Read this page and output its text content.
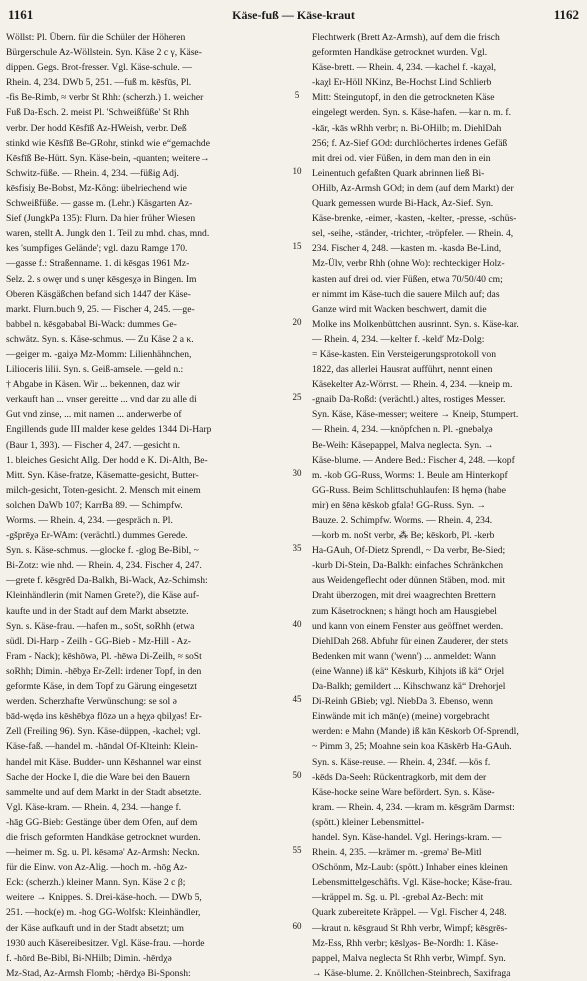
1161	Käse-fuß — Käse-kraut	1162
Wöllst: Pl. Übern. für die Schüler der Höheren
Bürgerschule Az-Wöllstein. Syn. Käse 2 c γ, Käse-
dippen. Gegs. Brot-fresser. Vgl. Käse-schule. —
Rhein. 4, 234. DWb 5, 251. —fuß m. kēsfūs, Pl.
-fis Be-Rimb, ≈ verbr St Rhh: (scherzh.) 1. weicher
Fuß Da-Esch. 2. meist Pl. 'Schweißfüße' St Rhh
verbr. Der hodd Kēsfīß Az-HWeish, verbr. Deß
stinkd wie Kēsfīß Be-GRohr, stinkd wie e“gemachde
Kēsfīß Be-Hütt. Syn. Käse-bein, -quanten; weitere→
Schwitz-füße. — Rhein. 4, 234. —füßig Adj.
kēsfisiχ Be-Bobst, Mz-Köng: übelriechend wie
Schweißfüße. — gasse m. (Lehr.) Käsgarten Az-
Sief (JungkPa 135): Flurn. Da hier früher Wiesen
waren, stellt A. Jungk den 1. Teil zu mhd. chas, mnd.
kes 'sumpfiges Gelände'; vgl. dazu Ramge 170.
—gasse f.: Straßenname. 1. di kēsgas 1961 Mz-
Selz. 2. s owęr und s unęr kēsgesχə in Bingen. Im
Oberen Käsgäßchen befand sich 1447 der Käse-
markt. Flurn.buch 9, 25. — Fischer 4, 245. —ge-
babbel n. kēsgəbabəl Bi-Wack: dummes Ge-
schwätz. Syn. s. Käse-schmus. — Zu Käse 2 a κ.
—geiger m. -gaiχə Mz-Momm: Lilienhähnchen,
Lilioceris lilii. Syn. s. Geiß-amsele. —geld n.:
† Abgabe in Käsen. Wir ... bekennen, daz wir
verkauft han ... vnser gereitte ... vnd dar zu alle di
Gut vnd zinse, ... mit namen ... anderwerbe of
Engillends gude III malder kese geldes 1344 Di-Harp
(Baur 1, 393). — Fischer 4, 247. —gesicht n.
1. bleiches Gesicht Allg. Der hodd e K. Di-Alth, Be-
Mitt. Syn. Käse-fratze, Käsematte-gesicht, Butter-
milch-gesicht, Toten-gesicht. 2. Mensch mit einem
solchen DaWb 107; KarrBa 89. — Schimpfw.
Worms. — Rhein. 4, 234. —gespräch n. Pl.
-gšprēχə Er-WAm: (verächtl.) dummes Gerede.
Syn. s. Käse-schmus. —glocke f. -glog Be-Bibl, ~
Bi-Zotz: wie nhd. — Rhein. 4, 234. Fischer 4, 247.
—grete f. kēsgrēd Da-Balkh, Bi-Wack, Az-Schimsh:
Kleinhändlerin (mit Namen Grete?), die Käse auf-
kaufte und in der Stadt auf dem Markt absetzte.
Syn. s. Käse-frau. —hafen m., soSt, soRhh (etwa
südl. Di-Harp - Zeilh - GG-Bieb - Mz-Hill - Az-
Fram - Nack); kēshōwə, Pl. -hēwə Di-Zeilh, ≈ soSt
soRhh; Dimin. -hēbχə Er-Zell: irdener Topf, in den
geformte Käse, in dem Topf zu Gärung eingesetzt
werden. Scherzhafte Verwünschung: se sol ə
bād-wędə ins kēshēbχə flōzə un ə hęχə qbilχəs! Er-
Zell (Freiling 96). Syn. Käse-düppen, -kachel; vgl.
Käse-faß. —handel m. -hāndəl Of-Klteinh: Klein-
handel mit Käse. Budder- unn Kēshannel war einst
Sache der Hocke I, die die Ware bei den Bauern
sammelte und auf dem Markt in der Stadt absetzte.
Vgl. Käse-kram. — Rhein. 4, 234. —hange f.
-hāg GG-Bieb: Gestänge über dem Ofen, auf dem
die frisch geformten Handkäse getrocknet wurden.
—heimer m. Sg. u. Pl. kēsəmə' Az-Armsh: Neckn.
für die Einw. von Az-Alig. —hoch m. -hōg Az-
Eck: (scherzh.) kleiner Mann. Syn. Käse 2 c β;
weitere → Knippes. S. Drei-käse-hoch. — DWb 5,
251. —hock(e) m. -hog GG-Wolfsk: Kleinhändler,
der Käse aufkauft und in der Stadt absetzt; um
1930 auch Käsereibesitzer. Vgl. Käse-frau. —horde
f. -hōrd Be-Bibl, Bi-NHilb; Dimin. -hērdχə
Mz-Stad, Az-Armsh Flomb; -hērdχə Bi-Sponsh:
5
10
15
20
25
30
35
40
45
50
55
60
Flechtwerk (Brett Az-Armsh), auf dem die frisch
geformten Handkäse getrocknet wurden. Vgl.
Käse-brett. — Rhein. 4, 234. —kachel f. -kaχəl,
-kaχl Er-Höll NKinz, Be-Hochst Lind Schlierb
Mitt: Steingutopf, in den die getrockneten Käse
eingelegt werden. Syn. s. Käse-hafen. —kar n. m. f.
-kār, -kās wRhh verbr; n. Bi-OHilb; m. DiehlDah
256; f. Az-Sief GOd: durchlöchertes irdenes Gefäß
mit drei od. vier Füßen, in dem man den in ein
Leinentuch gefaßten Quark abrinnen ließ Bi-
OHilb, Az-Armsh GOd; in dem (auf dem Markt) der
Quark gemessen wurde Bi-Hack, Az-Sief. Syn.
Käse-brenke, -eimer, -kasten, -kelter, -presse, -schüs-
sel, -seihe, -ständer, -trichter, -tröpfeler. — Rhein. 4,
234. Fischer 4, 248. —kasten m. -kasdə Be-Lind,
Mz-Ülv, verbr Rhh (ohne Wo): rechteckiger Holz-
kasten auf drei od. vier Füßen, etwa 70/50/40 cm;
er nimmt im Käse-tuch die sauere Milch auf; das
Ganze wird mit Wacken beschwert, damit die
Molke ins Molkenbüttchen ausrinnt. Syn. s. Käse-kar.
— Rhein. 4, 234. —kelter f. -keld′ Mz-Dolg:
= Käse-kasten. Ein Versteigerungsprotokoll von
1822, das allerlei Hausrat aufführt, nennt einen
Käsekelter Az-Wörrst. — Rhein. 4, 234. —kneip m.
-gnaib Da-Roßd: (verächtl.) altes, rostiges Messer.
Syn. Käse, Käse-messer; weitere → Kneip, Stumpert.
— Rhein. 4, 234. —knöpfchen n. Pl. -gnebəlχə
Be-Weih: Käsepappel, Malva neglecta. Syn. →
Käse-blume. — Andere Bed.: Fischer 4, 248. —kopf
m. -kob GG-Russ, Worms: 1. Beule am Hinterkopf
GG-Russ. Beim Schlittschuhlaufen: Iš hęmə (habe
mir) en šēnə kēskob gfalə! GG-Russ. Syn. →
Bauze. 2. Schimpfw. Worms. — Rhein. 4, 234.
—korb m. noSt verbr, ⁂ Be; kēskorb, Pl. -kerb
Ha-GAuh, Of-Dietz Sprendl, ~ Da verbr, Be-Sied;
-kurb Di-Stein, Da-Balkh: einfaches Schränkchen
aus Weidengeflecht oder dünnen Stäben, mod. mit
Draht überzogen, mit drei waagrechten Brettern
zum Käsetrocknen; s hängt hoch am Hausgiebel
und kann von einem Fenster aus geöffnet werden.
DiehlDah 268. Abfuhr für einen Zauderer, der stets
Bedenken mit wann ('wenn') ... anmeldet: Wann
(eine Wanne) iß kä“ Kēskurb, Kihjots iß kä“ Orjel
Da-Balkh; gemildert ... Kihschwanz kä“ Drehorjel
Di-Reinh GBieb; vgl. NiebDa 3. Ebenso, wenn
Einwände mit ich mān(e) (meine) vorgebracht
werden: e Mahn (Mande) iß kān Kēskorb Of-Sprendl,
~ Pimm 3, 25; Moahne sein koa Kāskērb Ha-GAuh.
Syn. s. Käse-reuse. — Rhein. 4, 234f. —kös f.
-kēds Da-Seeh: Rückentragkorb, mit dem der
Käse-hocke seine Ware befördert. Syn. s. Käse-
kram. — Rhein. 4, 234. —kram m. kēsgrām Darmst:
(spött.) kleiner Lebensmittel-
handel. Syn. Käse-handel. Vgl. Herings-kram. —
Rhein. 4, 235. —krämer m. -gremə' Be-Mitl
OSchönm, Mz-Laub: (spött.) Inhaber eines kleinen
Lebensmittelgeschäfts. Vgl. Käse-hocke; Käse-frau.
—kräppel m. Sg. u. Pl. -grebəl Az-Bech: mit
Quark zubereitete Kräppel. — Vgl. Fischer 4, 248.
—kraut n. kēsgraud St Rhh verbr, Wimpf; kēsgrēs-
Mz-Ess, Rhh verbr; kēslχəs- Be-Nordh: 1. Käse-
pappel, Malva neglecta St Rhh verbr, Wimpf. Syn.
→ Käse-blume. 2. Knöllchen-Steinbrech, Saxifraga
